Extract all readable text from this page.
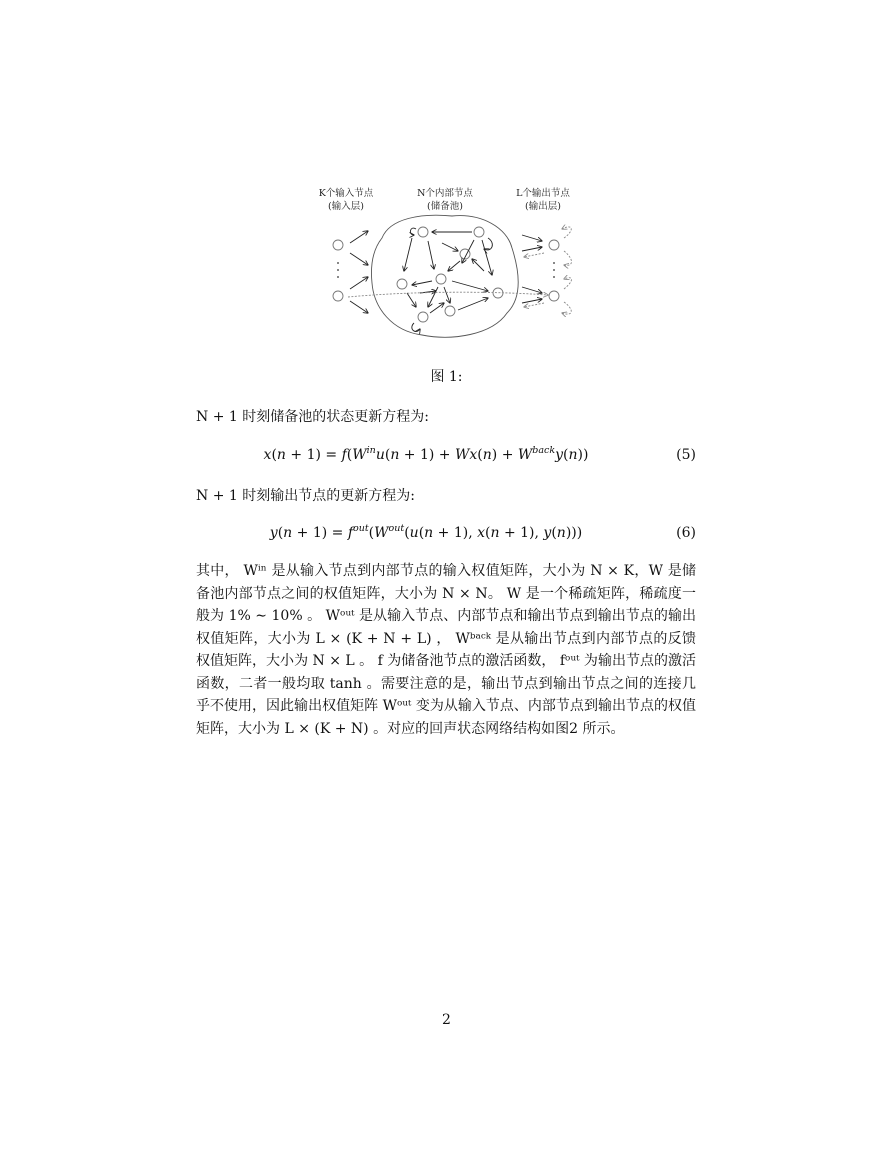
K个输入节点
(输入层)
N个内部节点
(储备池)
L个输出节点
(输出层)
图 1:
N + 1 时刻储备池的状态更新方程为:
$x(n + 1) = f(W^{in}u(n + 1) + Wx(n) + W^{back}y(n))$	(5)
N + 1 时刻输出节点的更新方程为:
$y(n + 1) = f^{out}(W^{out}(u(n + 1)$, x(n + 1), y(n)))	(6)
其中， Wⁱⁿ 是从输入节点到内部节点的输入权值矩阵，大小为 N × K，W 是储备池内部节点之间的权值矩阵，大小为 N × N。 W 是一个稀疏矩阵，稀疏度一般为 1% ∼ 10% 。 Wᵒᵘᵗ 是从输入节点、内部节点和输出节点到输出节点的输出权值矩阵，大小为 L × (K + N + L) ， Wᵇᵃᶜᵏ 是从输出节点到内部节点的反馈权值矩阵，大小为 N × L 。 f 为储备池节点的激活函数， fᵒᵘᵗ 为输出节点的激活函数，二者一般均取 tanh 。需要注意的是，输出节点到输出节点之间的连接几乎不使用，因此输出权值矩阵 Wᵒᵘᵗ 变为从输入节点、内部节点到输出节点的权值矩阵，大小为 L × (K + N) 。对应的回声状态网络结构如图2 所示。
2
